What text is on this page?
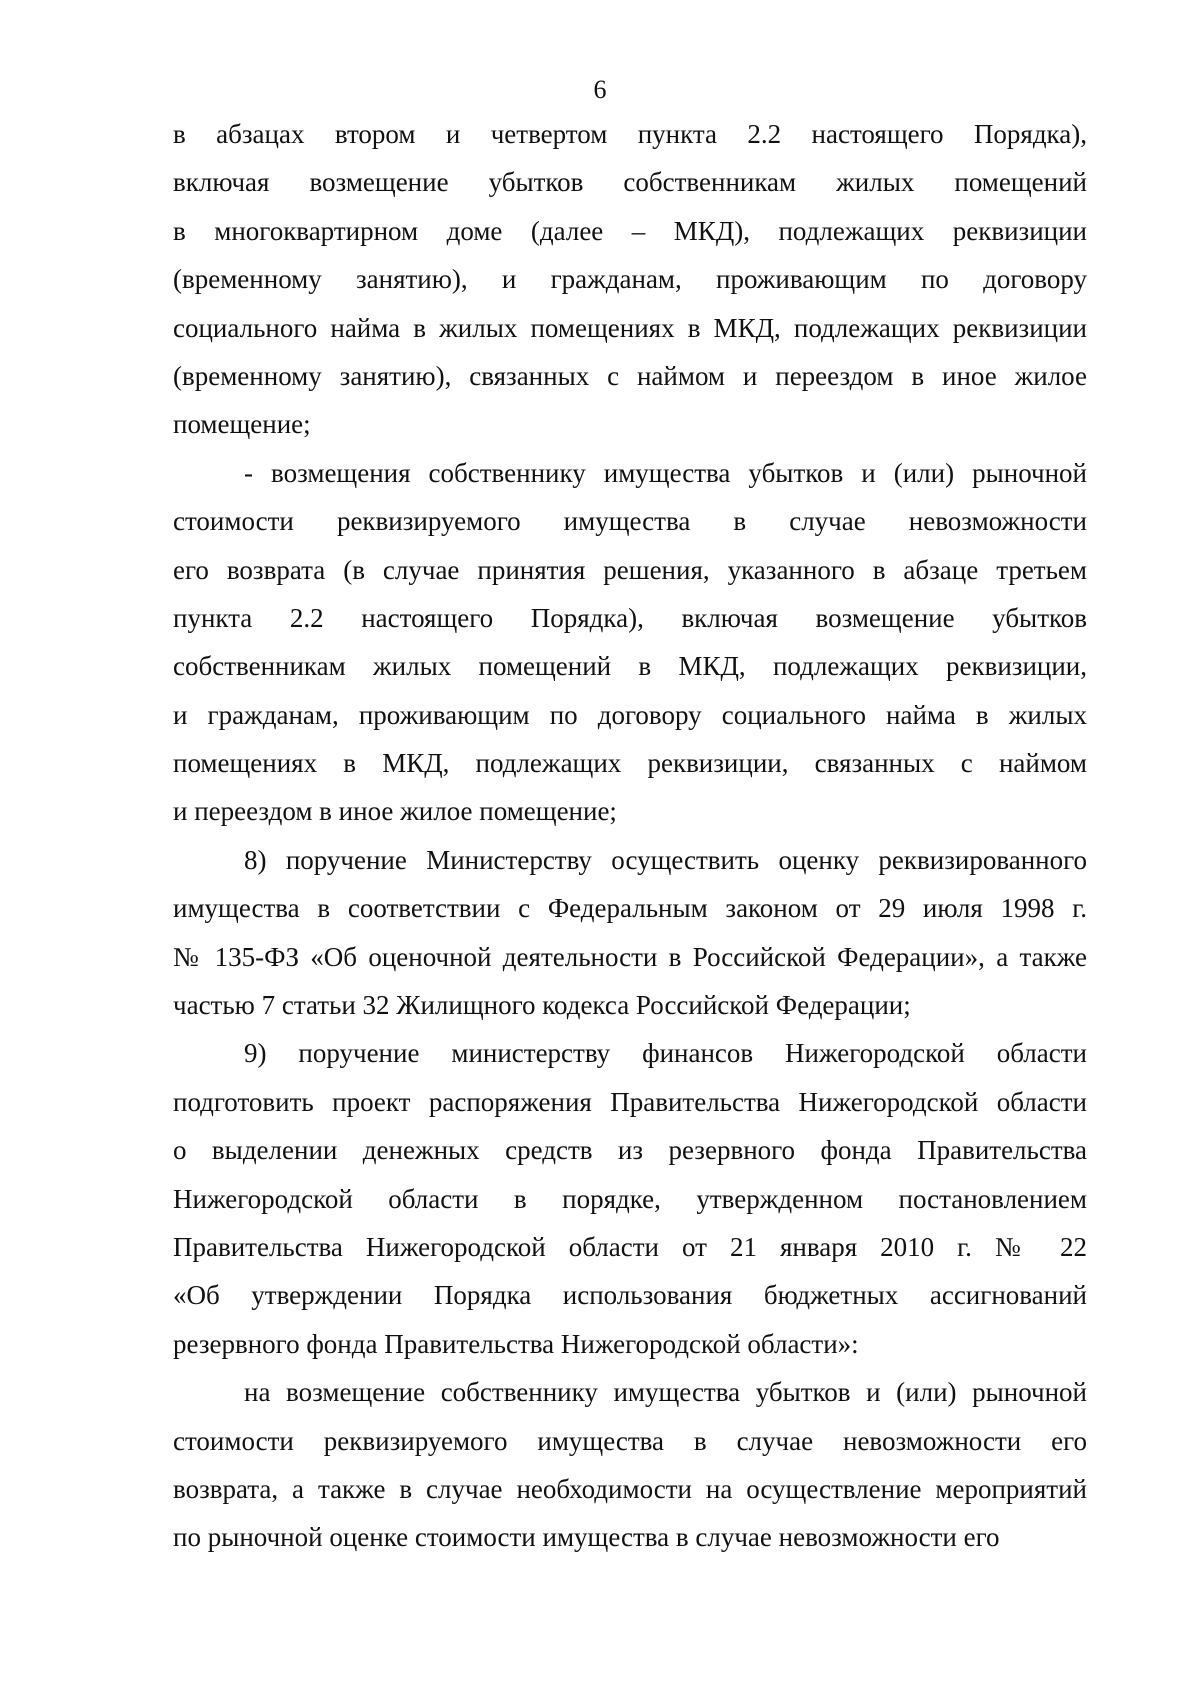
6
в абзацах втором и четвертом пункта 2.2 настоящего Порядка),
включая возмещение убытков собственникам жилых помещений
в многоквартирном доме (далее – МКД), подлежащих реквизиции
(временному занятию), и гражданам, проживающим по договору
социального найма в жилых помещениях в МКД, подлежащих реквизиции
(временному занятию), связанных с наймом и переездом в иное жилое
помещение;
- возмещения собственнику имущества убытков и (или) рыночной
стоимости реквизируемого имущества в случае невозможности
его возврата (в случае принятия решения, указанного в абзаце третьем
пункта 2.2 настоящего Порядка), включая возмещение убытков
собственникам жилых помещений в МКД, подлежащих реквизиции,
и гражданам, проживающим по договору социального найма в жилых
помещениях в МКД, подлежащих реквизиции, связанных с наймом
и переездом в иное жилое помещение;
8) поручение Министерству осуществить оценку реквизированного
имущества в соответствии с Федеральным законом от 29 июля 1998 г.
№ 135-ФЗ «Об оценочной деятельности в Российской Федерации», а также
частью 7 статьи 32 Жилищного кодекса Российской Федерации;
9) поручение министерству финансов Нижегородской области
подготовить проект распоряжения Правительства Нижегородской области
о выделении денежных средств из резервного фонда Правительства
Нижегородской области в порядке, утвержденном постановлением
Правительства Нижегородской области от 21 января 2010 г. № 22
«Об утверждении Порядка использования бюджетных ассигнований
резервного фонда Правительства Нижегородской области»:
на возмещение собственнику имущества убытков и (или) рыночной
стоимости реквизируемого имущества в случае невозможности его
возврата, а также в случае необходимости на осуществление мероприятий
по рыночной оценке стоимости имущества в случае невозможности его
